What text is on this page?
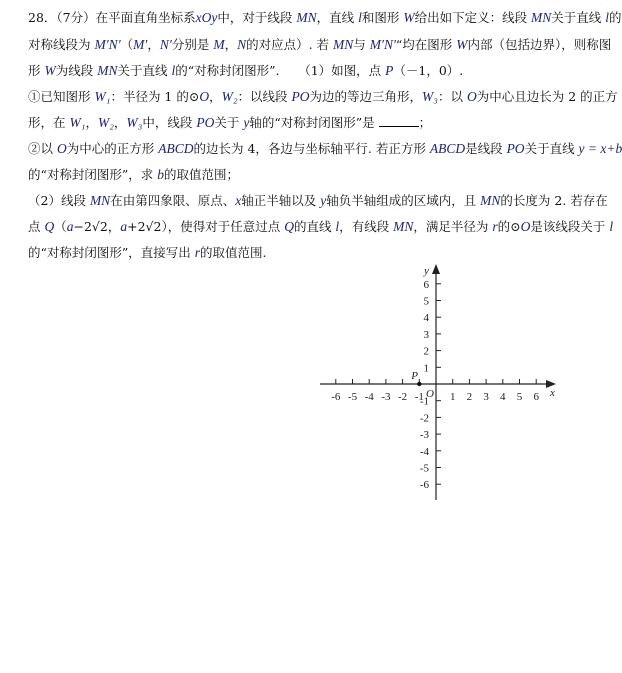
28．（7分）在平面直角坐标系xOy中，对于线段 MN，直线 l和图形 W给出如下定义：线段 MN关于直线 l的
对称线段为 M′N′（M′，N′分别是 M，N的对应点）. 若 MN与 M′N′“均在图形 W内部（包括边界），则称图
形 W为线段 MN关于直线 l的“对称封闭图形”.　　（1）如图，点 P（－1，0）.
①已知图形 W₁：半径为 1 的⊙O，W₂：以线段 PO为边的等边三角形，W₃：以 O为中心且边长为 2 的正方
形，在 W₁，W₂，W₃中，线段 PO关于 y轴的“对称封闭图形”是	；
②以 O为中心的正方形 ABCD的边长为 4，各边与坐标轴平行. 若正方形 ABCD是线段 PO关于直线 y = x+b
的“对称封闭图形”，求 b的取值范围；
（2）线段 MN在由第四象限、原点、x轴正半轴以及 y轴负半轴组成的区域内，且 MN的长度为 2. 若存在
点 Q（a−2√2，a+2√2），使得对于任意过点 Q的直线 l，有线段 MN，满足半径为 r的⊙O是该线段关于 l
的“对称封闭图形”，直接写出 r的取值范围.
-6 -5 -4 -3 -2 -1 1 2 3 4 5 6
-6
-5
-4
-3
-2
-1
1
2
3
4
5
6
x
y
O
P
